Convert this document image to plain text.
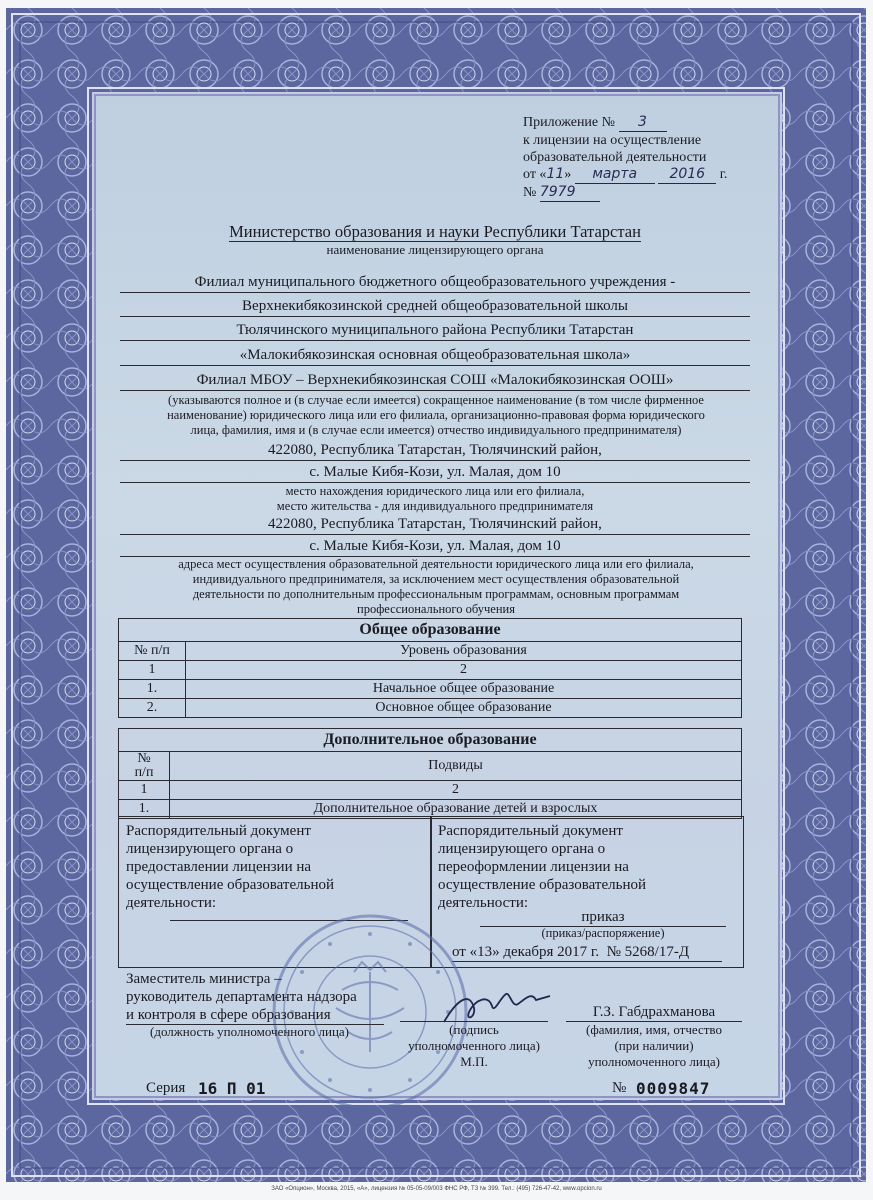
Приложение № 3
к лицензии на осуществление
образовательной деятельности
от «11» марта 2016 г.
№ 7979
Министерство образования и науки Республики Татарстан
наименование лицензирующего органа
Филиал муниципального бюджетного общеобразовательного учреждения -
Верхнекибякозинской средней общеобразовательной школы
Тюлячинского муниципального района Республики Татарстан
«Малокибякозинская основная общеобразовательная школа»
Филиал МБОУ – Верхнекибякозинская СОШ «Малокибякозинская ООШ»
(указываются полное и (в случае если имеется) сокращенное наименование (в том числе фирменное
наименование) юридического лица или его филиала, организационно-правовая форма юридического
лица, фамилия, имя и (в случае если имеется) отчество индивидуального предпринимателя)
422080, Республика Татарстан, Тюлячинский район,
с. Малые Кибя-Кози, ул. Малая, дом 10
место нахождения юридического лица или его филиала,
место жительства - для индивидуального предпринимателя
422080, Республика Татарстан, Тюлячинский район,
с. Малые Кибя-Кози, ул. Малая, дом 10
адреса мест осуществления образовательной деятельности юридического лица или его филиала,
индивидуального предпринимателя, за исключением мест осуществления образовательной
деятельности по дополнительным профессиональным программам, основным программам
профессионального обучения
Общее образование	
№ п/п	Уровень образования
1	2
1.	Начальное общее образование
2.	Основное общее образование
Дополнительное образование	

№
п/п	Подвиды
1	2
1.	Дополнительное образование детей и взрослых
Распорядительный документ
лицензирующего органа о
предоставлении лицензии на
осуществление образовательной
деятельности:
Распорядительный документ
лицензирующего органа о
переоформлении лицензии на
осуществление образовательной
деятельности:
приказ
(приказ/распоряжение)
от «13» декабря 2017 г. № 5268/17-Д
Заместитель министра –
руководитель департамента надзора
и контроля в сфере образования
(должность уполномоченного лица)	(подпись
уполномоченного лица)
М.П.
Г.З. Габдрахманова
(фамилия, имя, отчество
(при наличии)
уполномоченного лица)
Серия 16 П 01	№ 0009847
ЗАО «Опцион», Москва, 2015, «А», лицензия № 05-05-09/003 ФНС РФ, ТЗ № 399. Тел.: (495) 726-47-42, www.opcion.ru
